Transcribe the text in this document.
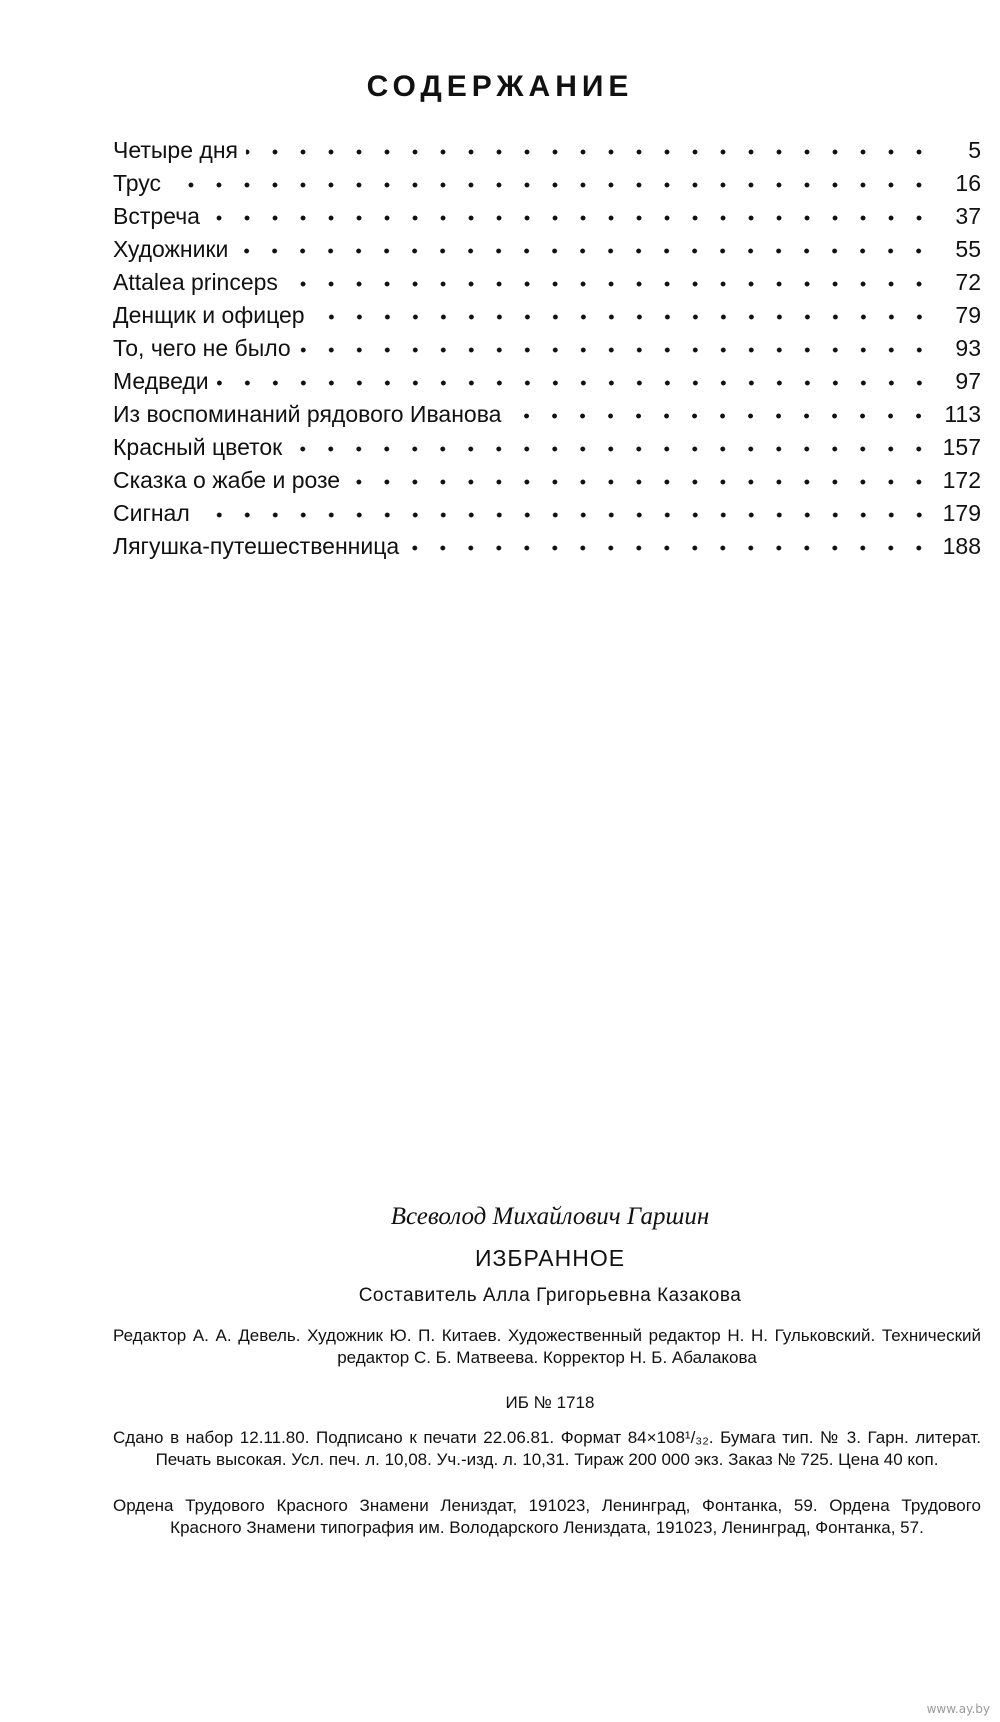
СОДЕРЖАНИЕ
Четыре дня	5
Трус	16
Встреча	37
Художники	55
Attalea princeps	72
Денщик и офицер	79
То, чего не было	93
Медведи	97
Из воспоминаний рядового Иванова	113
Красный цветок	157
Сказка о жабе и розе	172
Сигнал	179
Лягушка-путешественница	188
Всеволод Михайлович Гаршин
ИЗБРАННОЕ
Составитель Алла Григорьевна Казакова
Редактор А. А. Девель. Художник Ю. П. Китаев. Художественный редактор Н. Н. Гульковский. Технический редактор С. Б. Матвеева. Корректор Н. Б. Абалакова
ИБ № 1718
Сдано в набор 12.11.80. Подписано к печати 22.06.81. Формат 84×108¹/₃₂. Бумага тип. № 3. Гарн. литерат. Печать высокая. Усл. печ. л. 10,08. Уч.-изд. л. 10,31. Тираж 200 000 экз. Заказ № 725. Цена 40 коп.
Ордена Трудового Красного Знамени Лениздат, 191023, Ленинград, Фонтанка, 59. Ордена Трудового Красного Знамени типография им. Володарского Лениздата, 191023, Ленинград, Фонтанка, 57.
www.ay.by
